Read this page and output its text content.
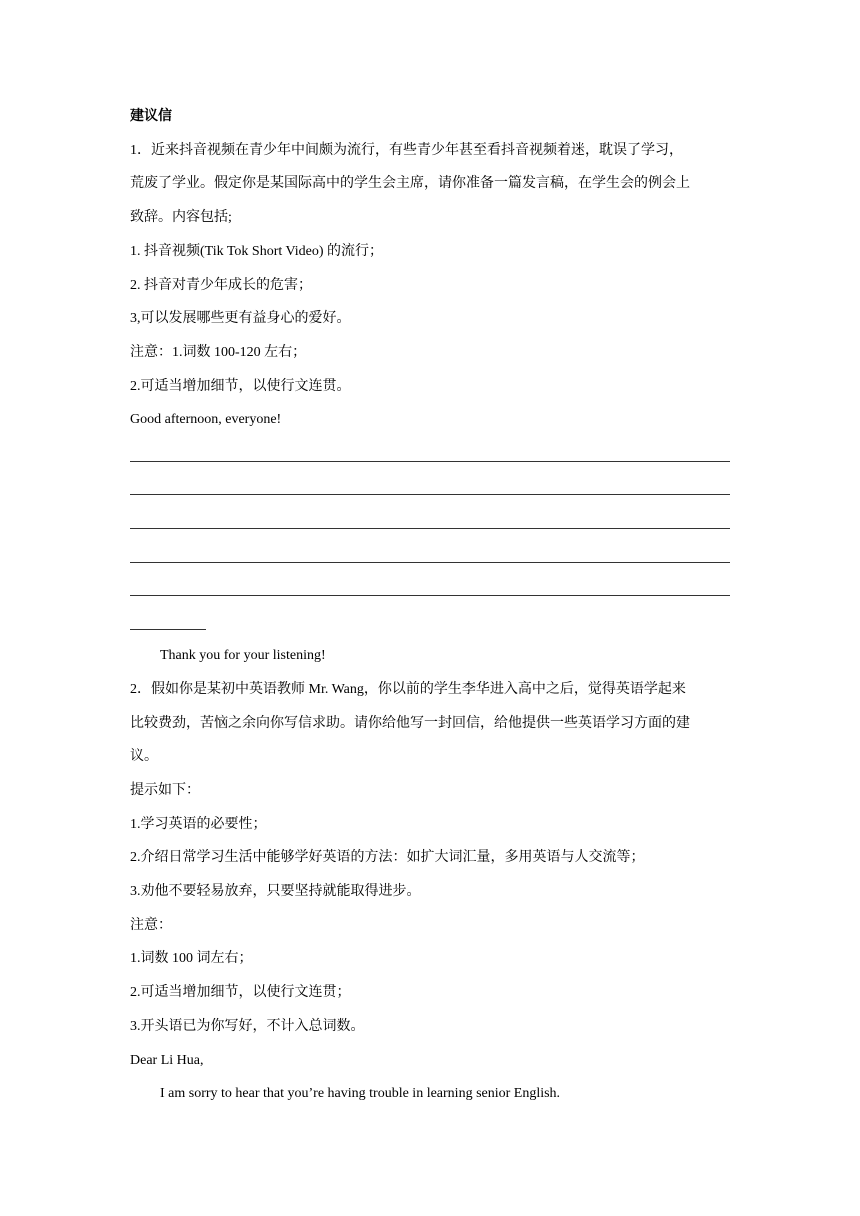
建议信

1．近来抖音视频在青少年中间颇为流行，有些青少年甚至看抖音视频着迷，耽误了学习，

荒废了学业。假定你是某国际高中的学生会主席，请你准备一篇发言稿，在学生会的例会上

致辞。内容包括;

1. 抖音视频(Tik Tok Short Video) 的流行；

2. 抖音对青少年成长的危害；

3,可以发展哪些更有益身心的爱好。

注意：1.词数 100-120 左右；

2.可适当增加细节，以使行文连贯。

Good afternoon, everyone!

Thank you for your listening!

2．假如你是某初中英语教师 Mr. Wang，你以前的学生李华进入高中之后，觉得英语学起来

比较费劲，苦恼之余向你写信求助。请你给他写一封回信，给他提供一些英语学习方面的建

议。

提示如下：

1.学习英语的必要性；

2.介绍日常学习生活中能够学好英语的方法：如扩大词汇量，多用英语与人交流等；

3.劝他不要轻易放弃，只要坚持就能取得进步。

注意：

1.词数 100 词左右；

2.可适当增加细节，以使行文连贯；

3.开头语已为你写好，不计入总词数。

Dear Li Hua,

I am sorry to hear that you’re having trouble in learning senior English.
